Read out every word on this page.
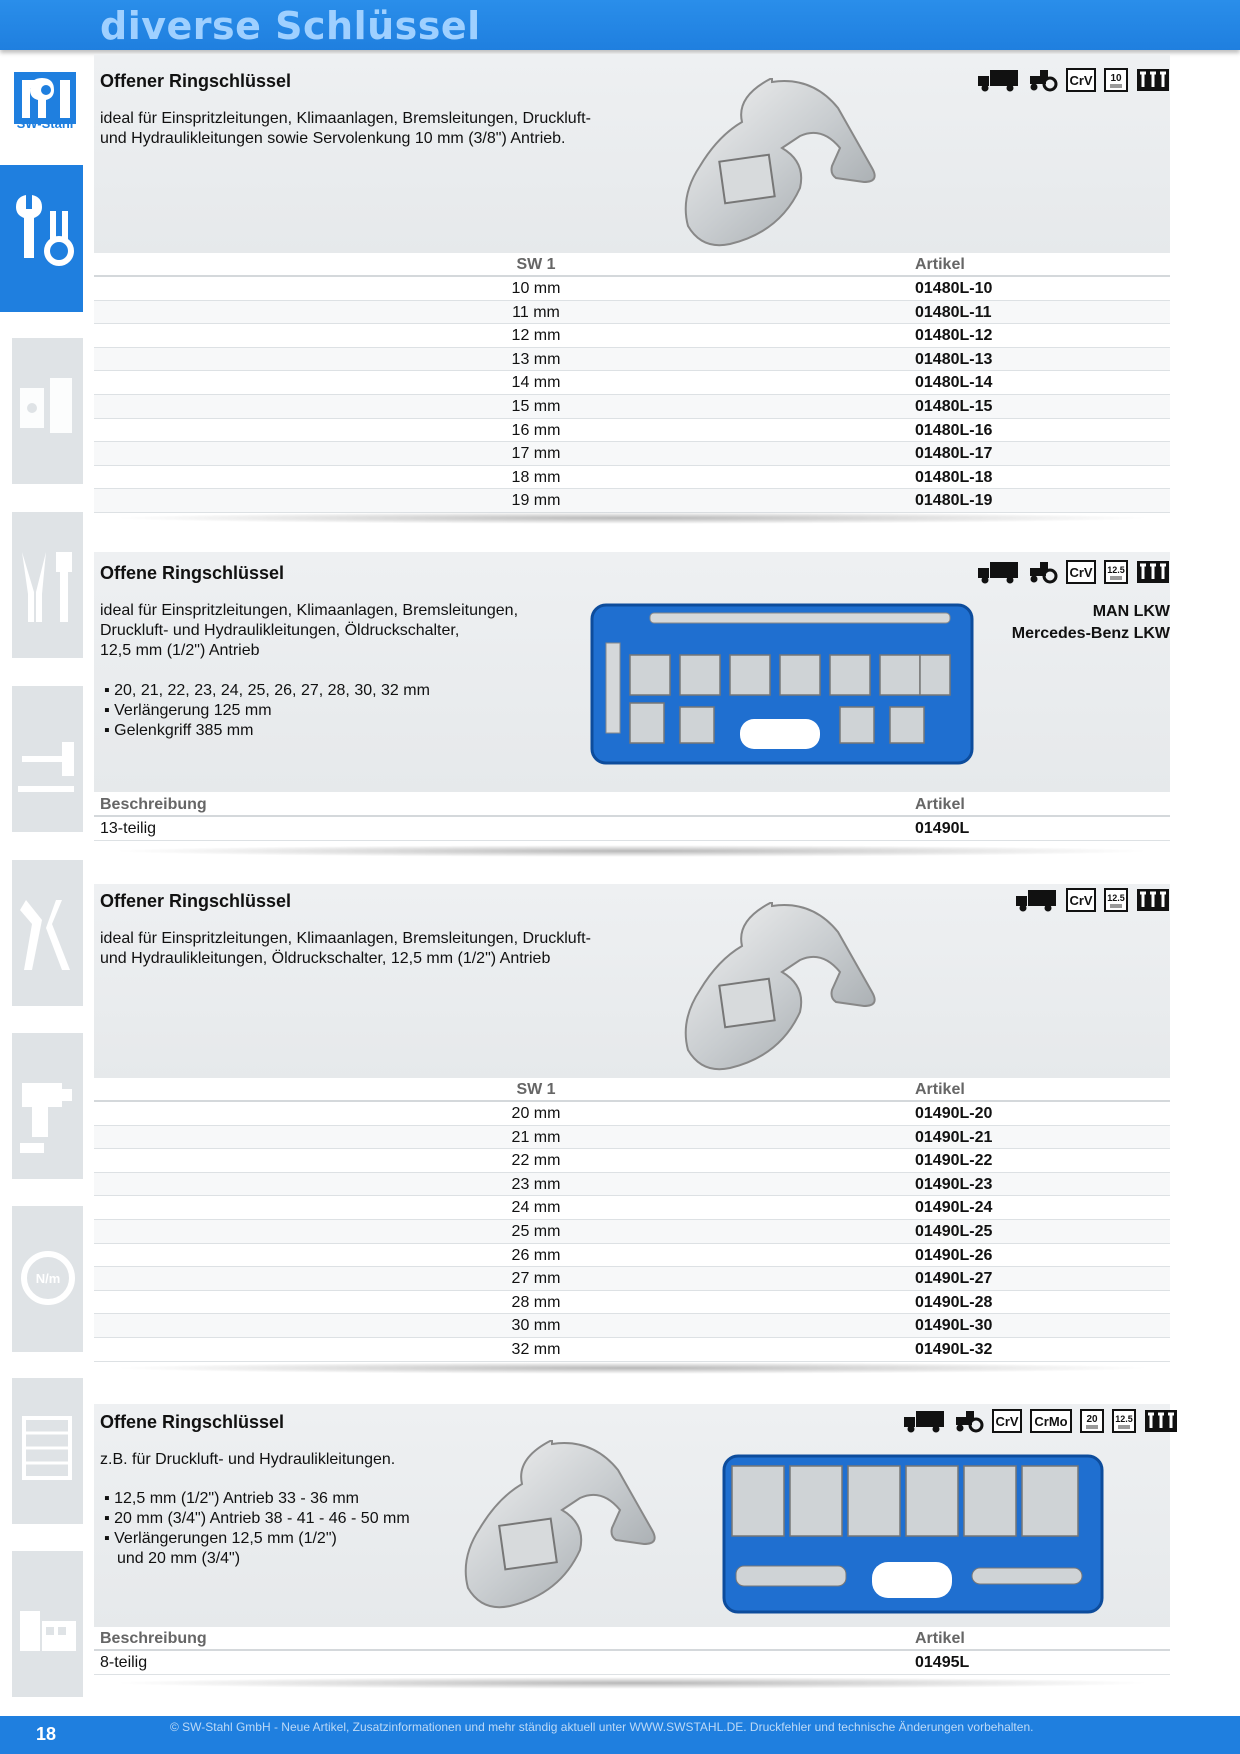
diverse Schlüssel
SW-Stahl
N/m
Offener Ringschlüssel
ideal für Einspritzleitungen, Klimaanlagen, Bremsleitungen, Druckluft-
und Hydraulikleitungen sowie Servolenkung 10 mm (3/8") Antrieb.
CrV 10
SW 1	Artikel
10 mm	01480L-10
11 mm	01480L-11
12 mm	01480L-12
13 mm	01480L-13
14 mm	01480L-14
15 mm	01480L-15
16 mm	01480L-16
17 mm	01480L-17
18 mm	01480L-18
19 mm	01480L-19
Offene Ringschlüssel
ideal für Einspritzleitungen, Klimaanlagen, Bremsleitungen,
Druckluft- und Hydraulikleitungen, Öldruckschalter,
12,5 mm (1/2") Antrieb
▪ 20, 21, 22, 23, 24, 25, 26, 27, 28, 30, 32 mm
▪ Verlängerung 125 mm
▪ Gelenkgriff 385 mm
MAN LKW
Mercedes-Benz LKW
CrV 12.5
Beschreibung	Artikel
13-teilig	01490L
Offener Ringschlüssel
ideal für Einspritzleitungen, Klimaanlagen, Bremsleitungen, Druckluft-
und Hydraulikleitungen, Öldruckschalter, 12,5 mm (1/2") Antrieb
CrV 12.5
SW 1	Artikel
20 mm	01490L-20
21 mm	01490L-21
22 mm	01490L-22
23 mm	01490L-23
24 mm	01490L-24
25 mm	01490L-25
26 mm	01490L-26
27 mm	01490L-27
28 mm	01490L-28
30 mm	01490L-30
32 mm	01490L-32
Offene Ringschlüssel
z.B. für Druckluft- und Hydraulikleitungen.
▪ 12,5 mm (1/2") Antrieb 33 - 36 mm
▪ 20 mm (3/4") Antrieb 38 - 41 - 46 - 50 mm
▪ Verlängerungen 12,5 mm (1/2")
und 20 mm (3/4")
CrV CrMo 20 12.5
Beschreibung	Artikel
8-teilig	01495L
18	© SW-Stahl GmbH - Neue Artikel, Zusatzinformationen und mehr ständig aktuell unter WWW.SWSTAHL.DE. Druckfehler und technische Änderungen vorbehalten.
